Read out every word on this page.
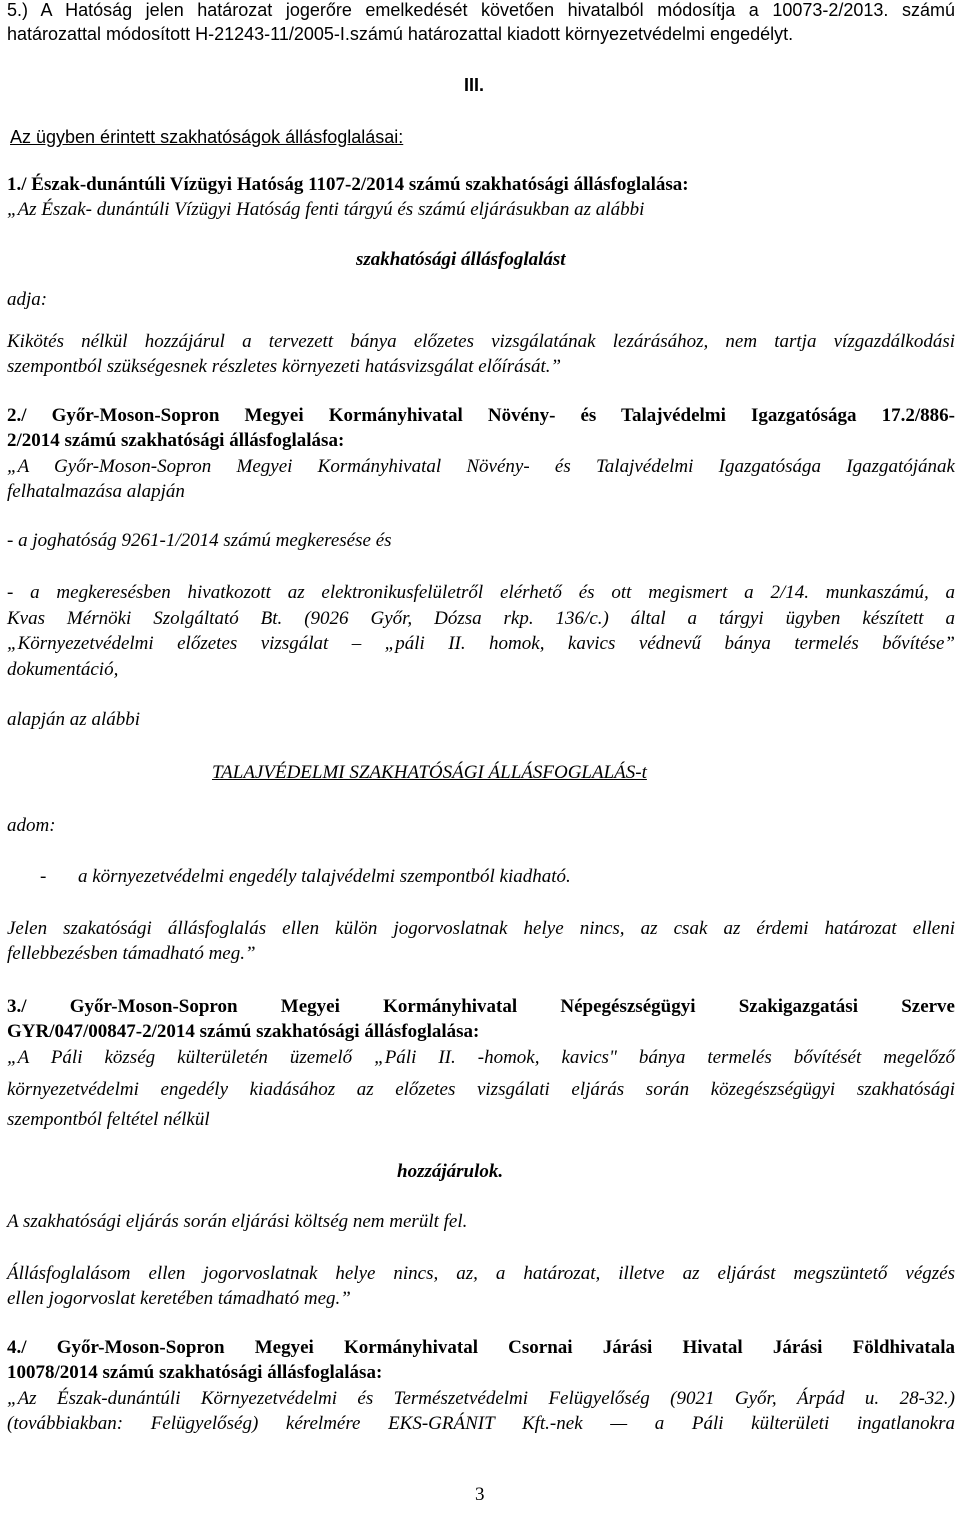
5.) A Hatóság jelen határozat jogerőre emelkedését követően hivatalból módosítja a 10073-2/2013. számú

határozattal módosított H-21243-11/2005-I.számú határozattal kiadott környezetvédelmi engedélyt.

III.

Az ügyben érintett szakhatóságok állásfoglalásai:

1./ Észak-dunántúli Vízügyi Hatóság 1107-2/2014 számú szakhatósági állásfoglalása:

„Az Észak- dunántúli Vízügyi Hatóság fenti tárgyú és számú eljárásukban az alábbi

szakhatósági állásfoglalást

adja:

Kikötés nélkül hozzájárul a tervezett bánya előzetes vizsgálatának lezárásához, nem tartja vízgazdálkodási

szempontból szükségesnek részletes környezeti hatásvizsgálat előírását.”

2./ Győr-Moson-Sopron Megyei Kormányhivatal Növény- és Talajvédelmi Igazgatósága 17.2/886-

2/2014 számú szakhatósági állásfoglalása:

„A Győr-Moson-Sopron Megyei Kormányhivatal Növény- és Talajvédelmi Igazgatósága Igazgatójának

felhatalmazása alapján

- a joghatóság 9261-1/2014 számú megkeresése és

- a megkeresésben hivatkozott az elektronikusfelületről elérhető és ott megismert a 2/14. munkaszámú, a

Kvas Mérnöki Szolgáltató Bt. (9026 Győr, Dózsa rkp. 136/c.) által a tárgyi ügyben készített a

„Környezetvédelmi előzetes vizsgálat – „páli II. homok, kavics védnevű bánya termelés bővítése”

dokumentáció,

alapján az alábbi

TALAJVÉDELMI SZAKHATÓSÁGI ÁLLÁSFOGLALÁS-t

adom:

- a környezetvédelmi engedély talajvédelmi szempontból kiadható.

Jelen szakatósági állásfoglalás ellen külön jogorvoslatnak helye nincs, az csak az érdemi határozat elleni

fellebbezésben támadható meg.”

3./ Győr-Moson-Sopron Megyei Kormányhivatal Népegészségügyi Szakigazgatási Szerve

GYR/047/00847-2/2014 számú szakhatósági állásfoglalása:

„A Páli község külterületén üzemelő „Páli II. -homok, kavics" bánya termelés bővítését megelőző

környezetvédelmi engedély kiadásához az előzetes vizsgálati eljárás során közegészségügyi szakhatósági

szempontból feltétel nélkül

hozzájárulok.

A szakhatósági eljárás során eljárási költség nem merült fel.

Állásfoglalásom ellen jogorvoslatnak helye nincs, az, a határozat, illetve az eljárást megszüntető végzés

ellen jogorvoslat keretében támadható meg.”

4./ Győr-Moson-Sopron Megyei Kormányhivatal Csornai Járási Hivatal Járási Földhivatala

10078/2014 számú szakhatósági állásfoglalása:

„Az Észak-dunántúli Környezetvédelmi és Természetvédelmi Felügyelőség (9021 Győr, Árpád u. 28-32.)

(továbbiakban: Felügyelőség) kérelmére EKS-GRÁNIT Kft.-nek — a Páli külterületi ingatlanokra

3
